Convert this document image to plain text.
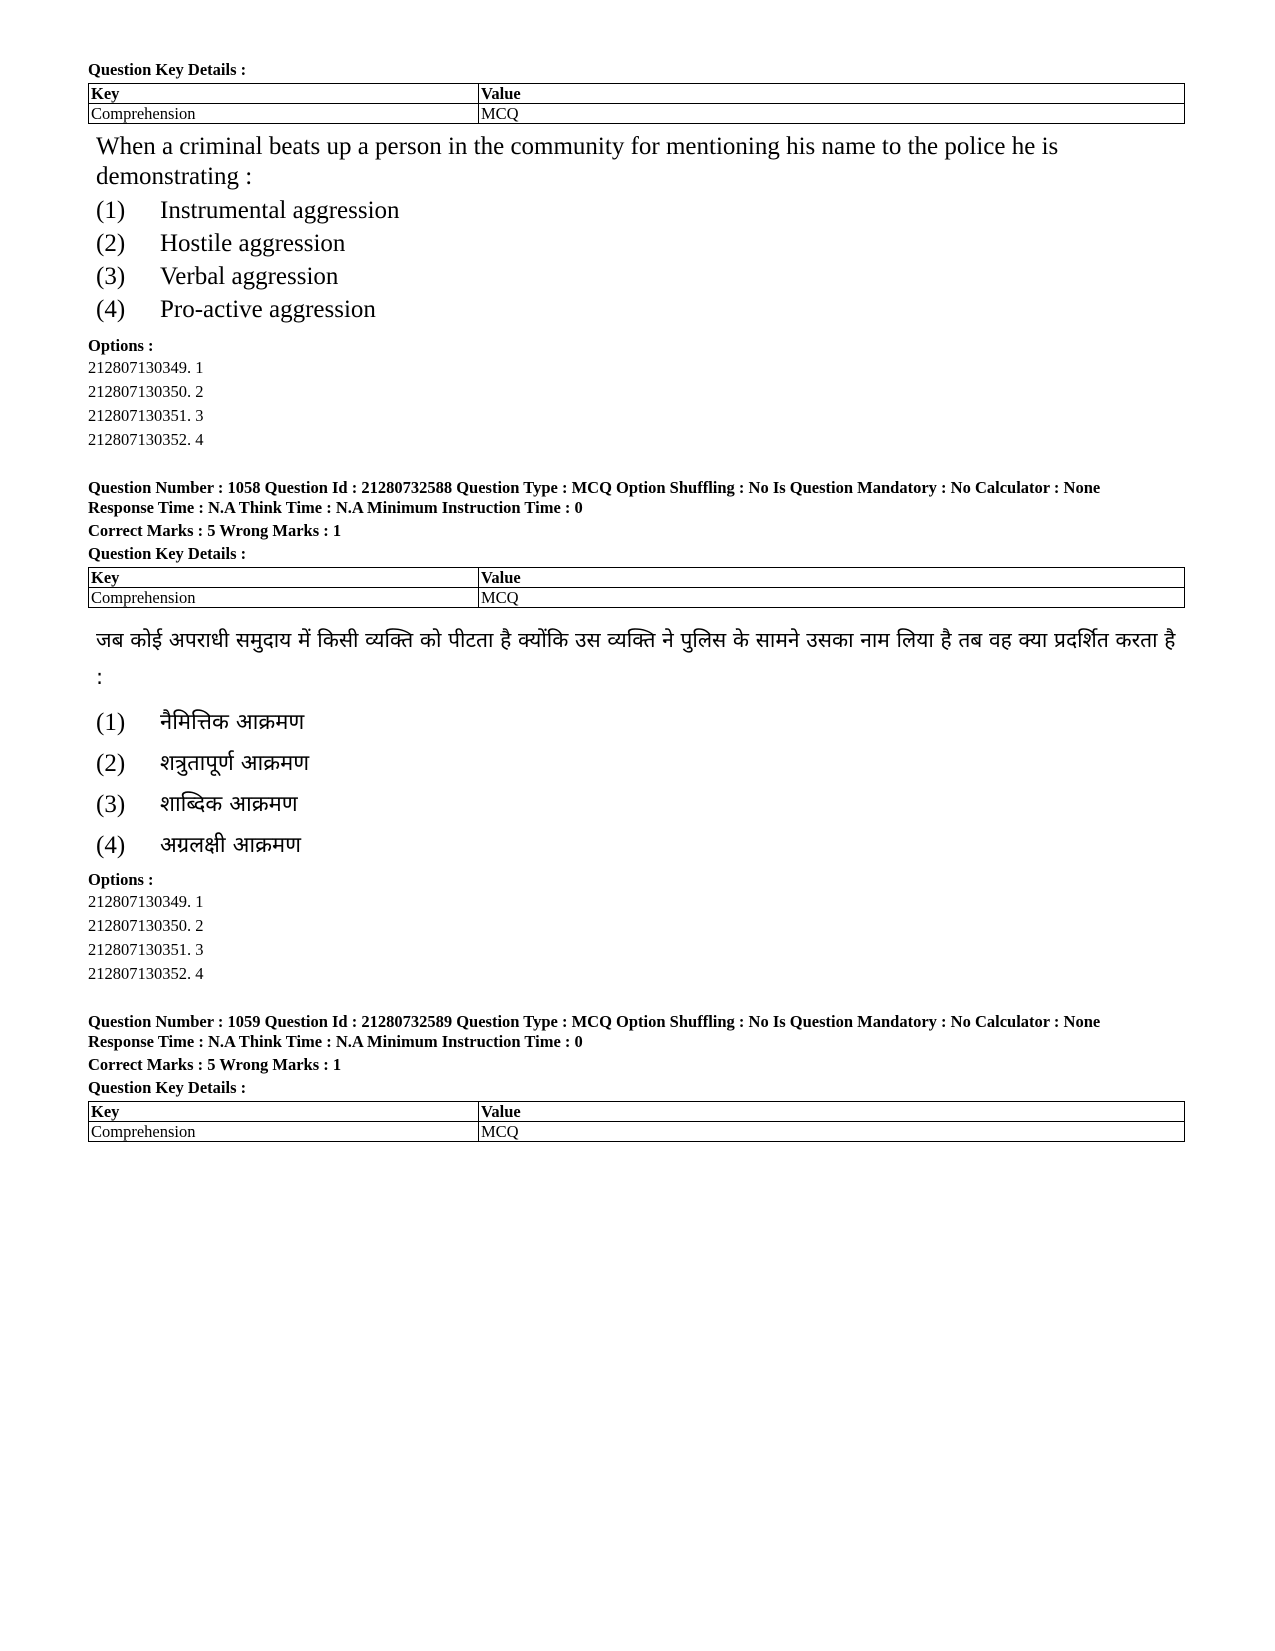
Question Key Details :
Key	Value
Comprehension	MCQ
When a criminal beats up a person in the community for mentioning his name to the police he is demonstrating :
(1)	Instrumental aggression
(2)	Hostile aggression
(3)	Verbal aggression
(4)	Pro-active aggression
Options :
212807130349. 1
212807130350. 2
212807130351. 3
212807130352. 4
Question Number : 1058 Question Id : 21280732588 Question Type : MCQ Option Shuffling : No Is Question Mandatory : No Calculator : None
Response Time : N.A Think Time : N.A Minimum Instruction Time : 0
Correct Marks : 5 Wrong Marks : 1
Question Key Details :
Key	Value
Comprehension	MCQ
जब कोई अपराधी समुदाय में किसी व्यक्ति को पीटता है क्योंकि उस व्यक्ति ने पुलिस के सामने उसका नाम लिया है तब वह क्या प्रदर्शित करता है :
(1)	नैमित्तिक आक्रमण
(2)	शत्रुतापूर्ण आक्रमण
(3)	शाब्दिक आक्रमण
(4)	अग्रलक्षी आक्रमण
Options :
212807130349. 1
212807130350. 2
212807130351. 3
212807130352. 4
Question Number : 1059 Question Id : 21280732589 Question Type : MCQ Option Shuffling : No Is Question Mandatory : No Calculator : None
Response Time : N.A Think Time : N.A Minimum Instruction Time : 0
Correct Marks : 5 Wrong Marks : 1
Question Key Details :
Key	Value
Comprehension	MCQ
